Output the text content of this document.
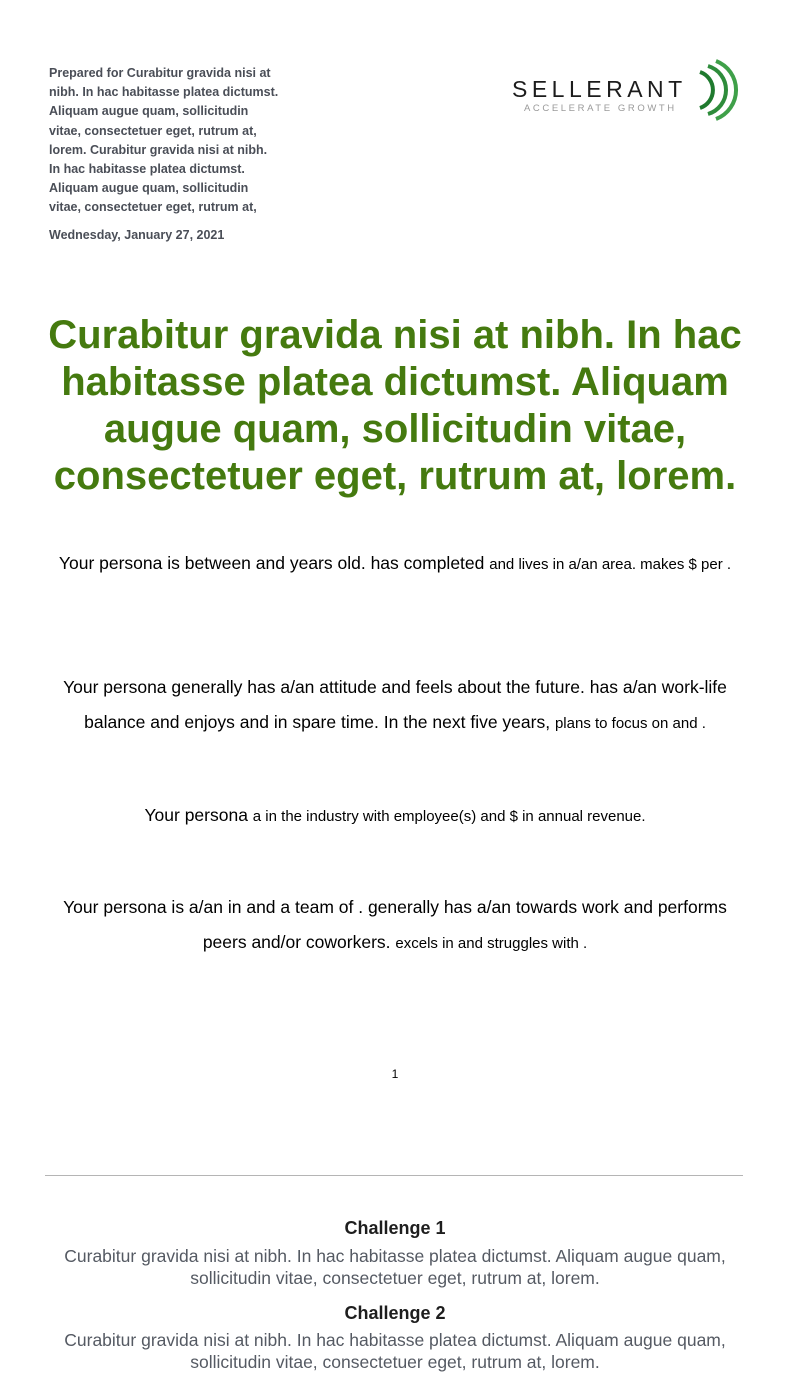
Prepared for Curabitur gravida nisi at nibh. In hac habitasse platea dictumst. Aliquam augue quam, sollicitudin vitae, consectetuer eget, rutrum at, lorem. Curabitur gravida nisi at nibh. In hac habitasse platea dictumst. Aliquam augue quam, sollicitudin vitae, consectetuer eget, rutrum at,
Wednesday, January 27, 2021
SELLERANT
ACCELERATE GROWTH
Curabitur gravida nisi at nibh. In hac habitasse platea dictumst. Aliquam augue quam, sollicitudin vitae, consectetuer eget, rutrum at, lorem.

Your persona is between and years old. has completed and lives in a/an area. makes $ per .

Your persona generally has a/an attitude and feels about the future. has a/an work-life balance and enjoys and in spare time. In the next five years, plans to focus on and .

Your persona a in the industry with employee(s) and $ in annual revenue.

Your persona is a/an in and a team of . generally has a/an towards work and performs peers and/or coworkers. excels in and struggles with .

1
Challenge 1

Curabitur gravida nisi at nibh. In hac habitasse platea dictumst. Aliquam augue quam, sollicitudin vitae, consectetuer eget, rutrum at, lorem.

Challenge 2

Curabitur gravida nisi at nibh. In hac habitasse platea dictumst. Aliquam augue quam, sollicitudin vitae, consectetuer eget, rutrum at, lorem.
